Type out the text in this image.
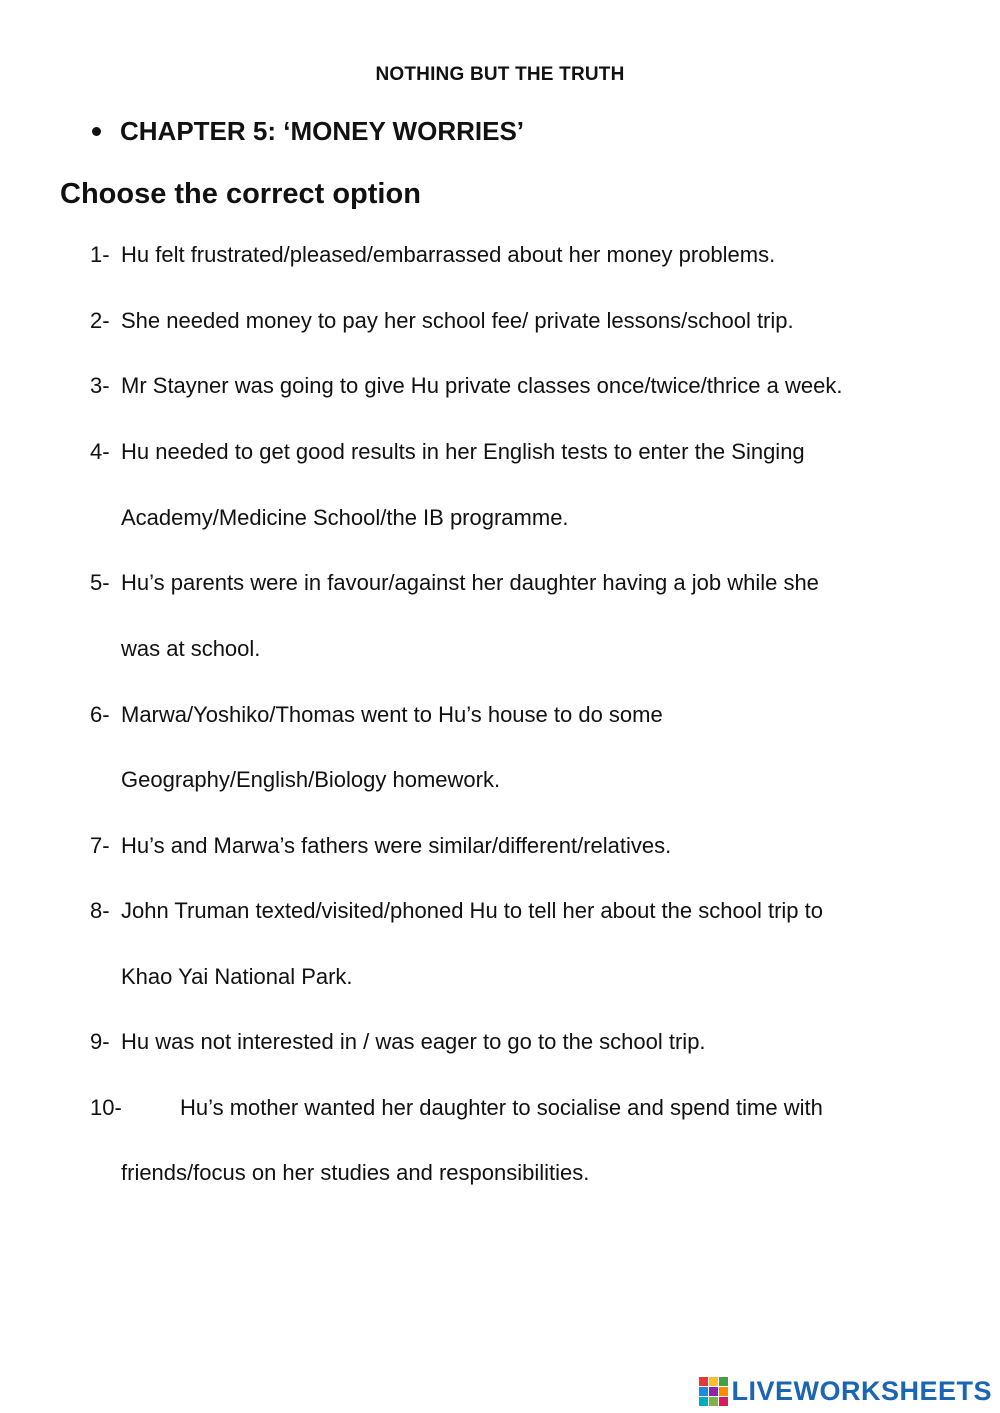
NOTHING BUT THE TRUTH
CHAPTER 5: ‘MONEY WORRIES’
Choose the correct option
1- Hu felt frustrated/pleased/embarrassed about her money problems.
2- She needed money to pay her school fee/ private lessons/school trip.
3- Mr Stayner was going to give Hu private classes once/twice/thrice a week.
4- Hu needed to get good results in her English tests to enter the Singing
Academy/Medicine School/the IB programme.
5- Hu’s parents were in favour/against her daughter having a job while she
was at school.
6- Marwa/Yoshiko/Thomas went to Hu’s house to do some
Geography/English/Biology homework.
7- Hu’s and Marwa’s fathers were similar/different/relatives.
8- John Truman texted/visited/phoned Hu to tell her about the school trip to
Khao Yai National Park.
9- Hu was not interested in / was eager to go to the school trip.
10-	Hu’s mother wanted her daughter to socialise and spend time with
friends/focus on her studies and responsibilities.
LIVEWORKSHEETS
